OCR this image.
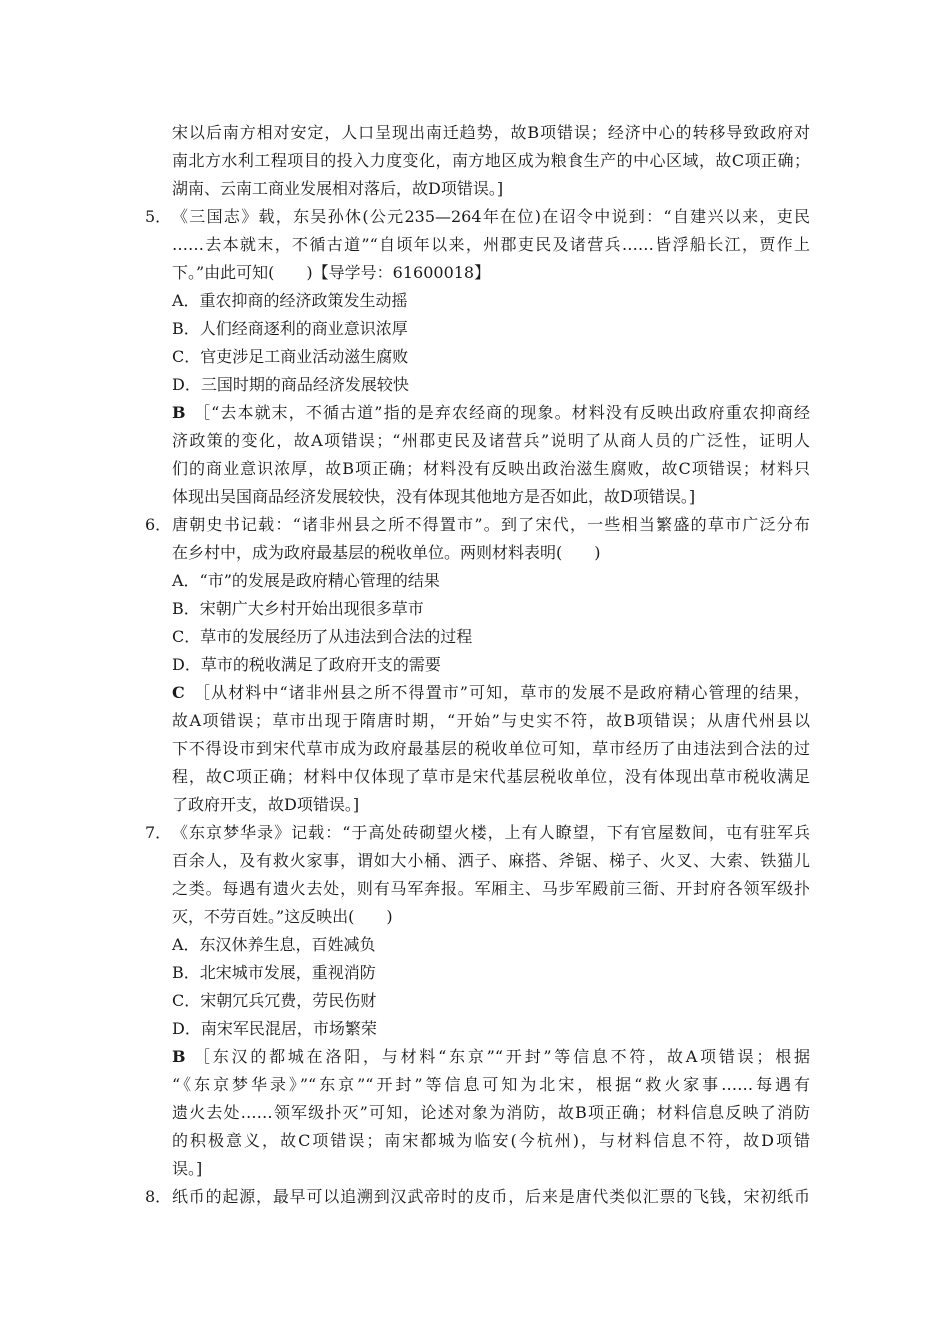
宋以后南方相对安定，人口呈现出南迁趋势，故B项错误；经济中心的转移导致政府对
南北方水利工程项目的投入力度变化，南方地区成为粮食生产的中心区域，故C项正确；
湖南、云南工商业发展相对落后，故D项错误。]
5． 《三国志》载，东吴孙休(公元235—264年在位)在诏令中说到：“自建兴以来，吏民
……去本就末，不循古道”“自顷年以来，州郡吏民及诸营兵……皆浮船长江，贾作上
下。”由此可知(　　)【导学号：61600018】
A．重农抑商的经济政策发生动摇
B．人们经商逐利的商业意识浓厚
C．官吏涉足工商业活动滋生腐败
D．三国时期的商品经济发展较快
B ［“去本就末，不循古道”指的是弃农经商的现象。材料没有反映出政府重农抑商经
济政策的变化，故A项错误；“州郡吏民及诸营兵”说明了从商人员的广泛性，证明人
们的商业意识浓厚，故B项正确；材料没有反映出政治滋生腐败，故C项错误；材料只
体现出吴国商品经济发展较快，没有体现其他地方是否如此，故D项错误。]
6． 唐朝史书记载：“诸非州县之所不得置市”。到了宋代，一些相当繁盛的草市广泛分布
在乡村中，成为政府最基层的税收单位。两则材料表明(　　)
A．“市”的发展是政府精心管理的结果
B．宋朝广大乡村开始出现很多草市
C．草市的发展经历了从违法到合法的过程
D．草市的税收满足了政府开支的需要
C ［从材料中“诸非州县之所不得置市”可知，草市的发展不是政府精心管理的结果，
故A项错误；草市出现于隋唐时期，“开始”与史实不符，故B项错误；从唐代州县以
下不得设市到宋代草市成为政府最基层的税收单位可知，草市经历了由违法到合法的过
程，故C项正确；材料中仅体现了草市是宋代基层税收单位，没有体现出草市税收满足
了政府开支，故D项错误。]
7． 《东京梦华录》记载：“于高处砖砌望火楼，上有人瞭望，下有官屋数间，屯有驻军兵
百余人，及有救火家事，谓如大小桶、洒子、麻搭、斧锯、梯子、火叉、大索、铁猫儿
之类。每遇有遗火去处，则有马军奔报。军厢主、马步军殿前三衙、开封府各领军级扑
灭，不劳百姓。”这反映出(　　)
A．东汉休养生息，百姓减负
B．北宋城市发展，重视消防
C．宋朝冗兵冗费，劳民伤财
D．南宋军民混居，市场繁荣
B ［东汉的都城在洛阳，与材料“东京”“开封”等信息不符，故A项错误；根据
“《东京梦华录》”“东京”“开封”等信息可知为北宋，根据“救火家事……每遇有
遗火去处……领军级扑灭”可知，论述对象为消防，故B项正确；材料信息反映了消防
的积极意义，故C项错误；南宋都城为临安(今杭州)，与材料信息不符，故D项错
误。]
8． 纸币的起源，最早可以追溯到汉武帝时的皮币，后来是唐代类似汇票的飞钱，宋初纸币
